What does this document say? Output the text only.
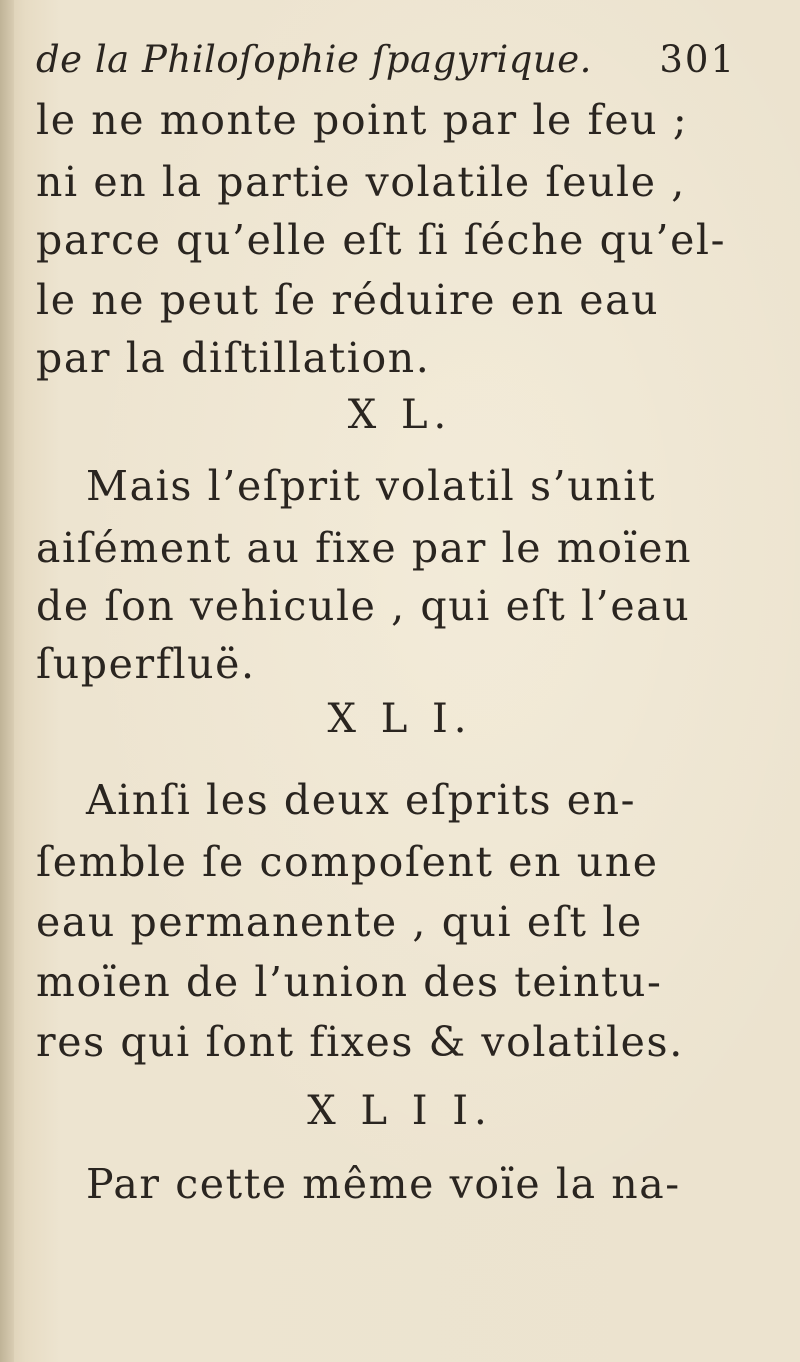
de la Philoſophie ſpagyrique. 301
le ne monte point par le feu ;
ni en la partie volatile ſeule ,
parce qu’elle eſt ſi ſéche qu’el-
le ne peut ſe réduire en eau
par la diſtillation.
X L.
Mais l’eſprit volatil s’unit
aiſément au fixe par le moïen
de ſon vehicule , qui eſt l’eau
ſuperfluë.
X L I.
Ainſi les deux eſprits en-
ſemble ſe compoſent en une
eau permanente , qui eſt le
moïen de l’union des teintu-
res qui ſont fixes & volatiles.
X L I I.
Par cette même voïe la na-
